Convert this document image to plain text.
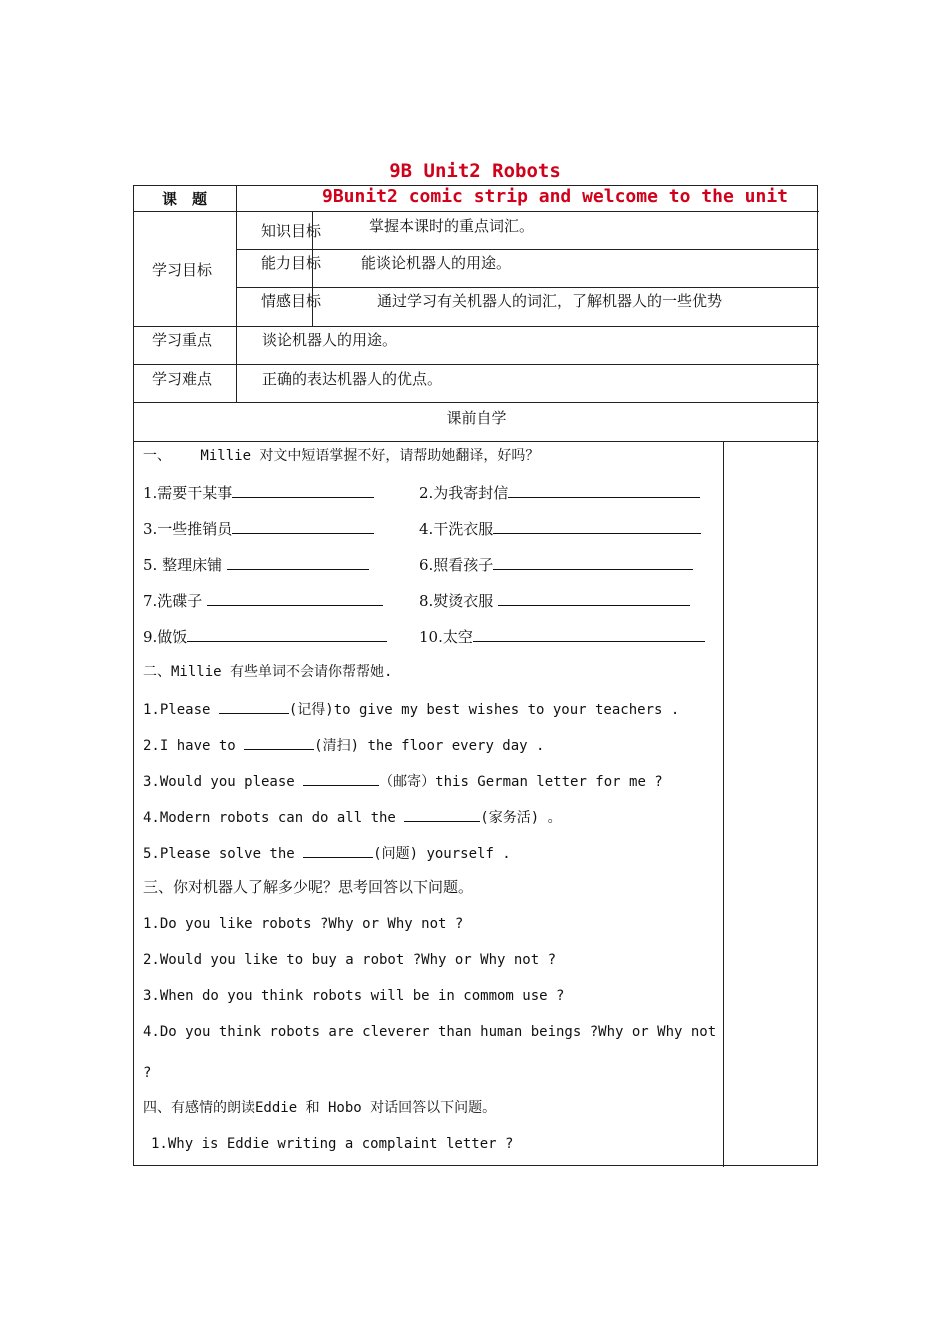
9B Unit2 Robots
课　题	9Bunit2 comic strip and welcome to the unit
学习目标
知识目标	掌握本课时的重点词汇。
能力目标	能谈论机器人的用途。
情感目标	通过学习有关机器人的词汇，了解机器人的一些优势
学习重点	谈论机器人的用途。
学习难点	正确的表达机器人的优点。
课前自学
一、　　 Millie 对文中短语掌握不好，请帮助她翻译，好吗？
1.需要干某事	2.为我寄封信
3.一些推销员	4.干洗衣服
5. 整理床铺	6.照看孩子
7.洗碟子	8.熨烫衣服
9.做饭	10.太空
二、Millie 有些单词不会请你帮帮她.
1.Please	(记得)to give my best wishes to your teachers .
2.I have to	(清扫) the floor every day .
3.Would you please	（邮寄）this German letter for me ?
4.Modern robots can do all the	(家务活) 。
5.Please solve the	(问题) yourself .
三、你对机器人了解多少呢？思考回答以下问题。
1.Do you like robots ?Why or Why not ?
2.Would you like to buy a robot ?Why or Why not ?
3.When do you think robots will be in commom use ?
4.Do you think robots are cleverer than human beings ?Why or Why not
?
四、有感情的朗读Eddie 和 Hobo 对话回答以下问题。
1.Why is Eddie writing a complaint letter ?
